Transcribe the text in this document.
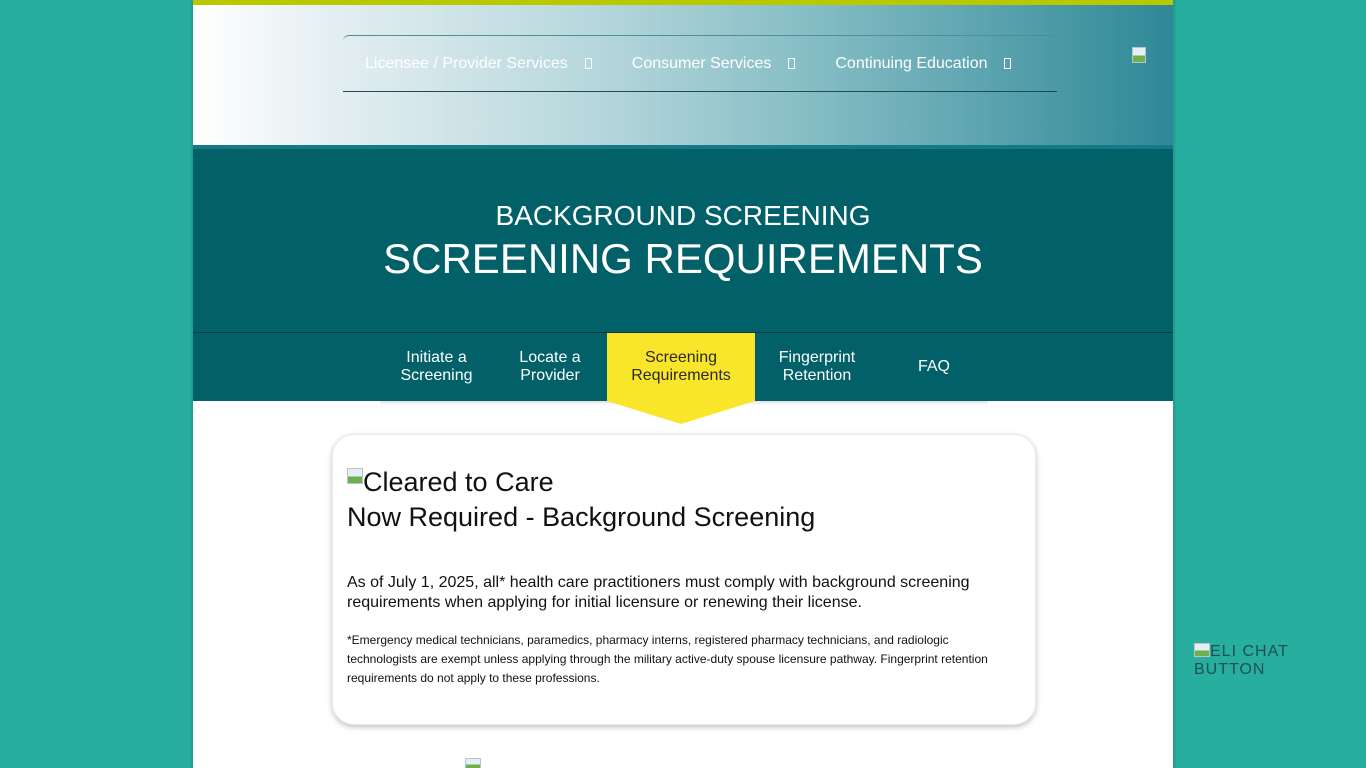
Licensee / Provider Services	Consumer Services	Continuing Education
BACKGROUND SCREENING
SCREENING REQUIREMENTS
Initiate a
Screening
Locate a
Provider
Screening
Requirements
Fingerprint
Retention
FAQ
Cleared to Care
Now Required - Background Screening

As of July 1, 2025, all* health care practitioners must comply with background screening requirements when applying for initial licensure or renewing their license.

*Emergency medical technicians, paramedics, pharmacy interns, registered pharmacy technicians, and radiologic technologists are exempt unless applying through the military active-duty spouse licensure pathway. Fingerprint retention requirements do not apply to these professions.

ELI CHAT BUTTON
